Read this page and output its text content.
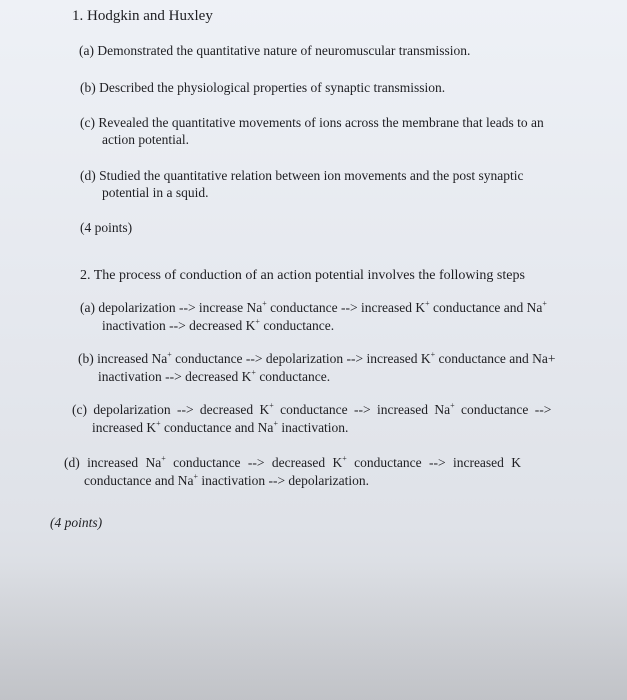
1. Hodgkin and Huxley
(a) Demonstrated the quantitative nature of neuromuscular transmission.
(b) Described the physiological properties of synaptic transmission.
(c) Revealed the quantitative movements of ions across the membrane that leads to an
action potential.
(d) Studied the quantitative relation between ion movements and the post synaptic
potential in a squid.
(4 points)
2. The process of conduction of an action potential involves the following steps
(a) depolarization --> increase Na+ conductance --> increased K+ conductance and Na+
inactivation --> decreased K+ conductance.
(b) increased Na+ conductance --> depolarization --> increased K+ conductance and Na+
inactivation --> decreased K+ conductance.
(c) depolarization --> decreased K+ conductance --> increased Na+ conductance -->
increased K+ conductance and Na+ inactivation.
(d) increased Na+ conductance --> decreased K+ conductance --> increased K
conductance and Na+ inactivation --> depolarization.
(4 points)
